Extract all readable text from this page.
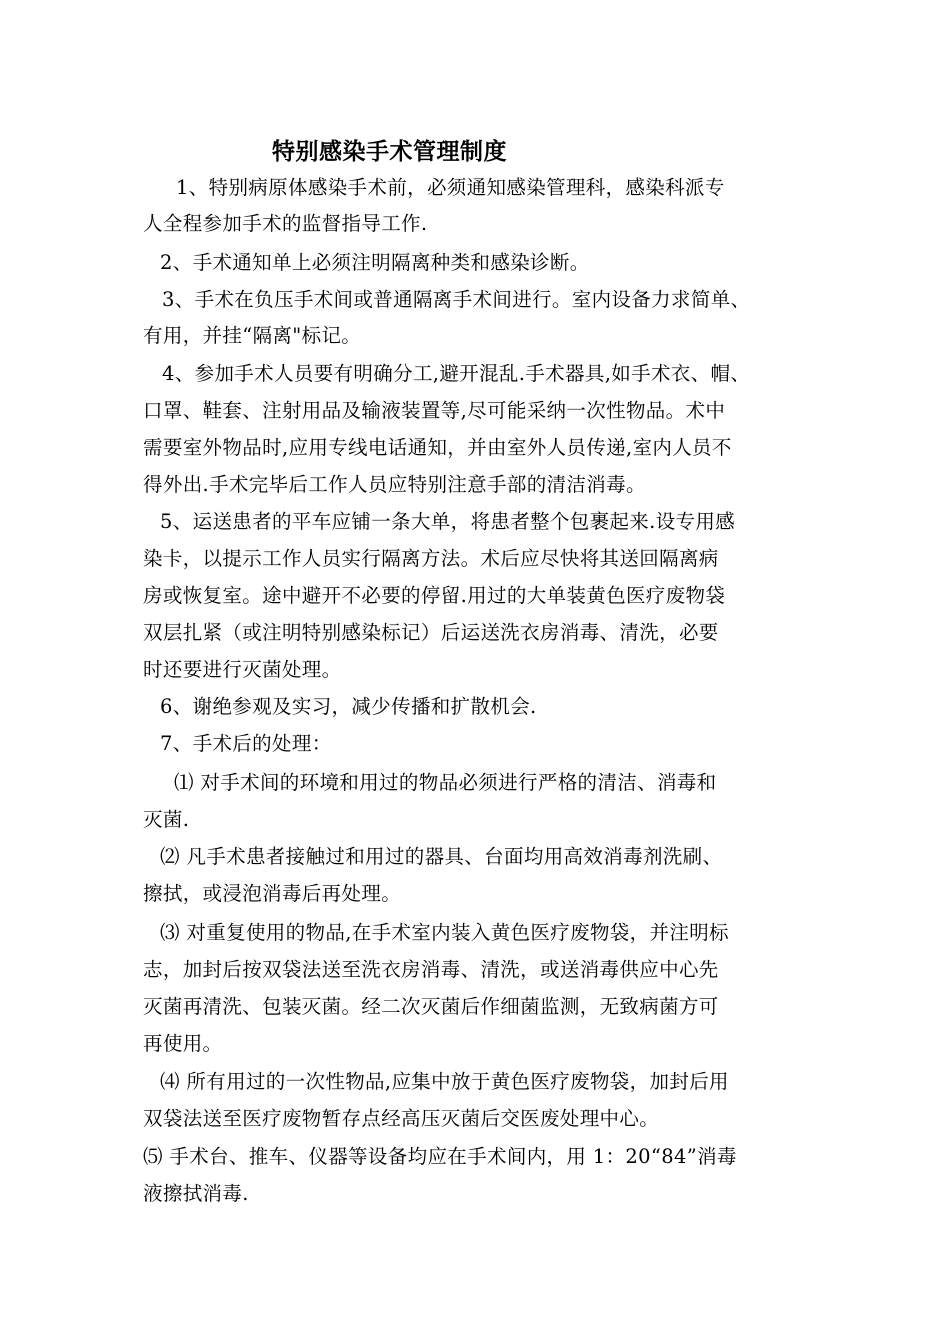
特别感染手术管理制度
1、特别病原体感染手术前，必须通知感染管理科，感染科派专
人全程参加手术的监督指导工作.
2、手术通知单上必须注明隔离种类和感染诊断。
3、手术在负压手术间或普通隔离手术间进行。室内设备力求简单、
有用，并挂“隔离"标记。
4、参加手术人员要有明确分工,避开混乱.手术器具,如手术衣、帽、
口罩、鞋套、注射用品及输液装置等,尽可能采纳一次性物品。术中
需要室外物品时,应用专线电话通知，并由室外人员传递,室内人员不
得外出.手术完毕后工作人员应特别注意手部的清洁消毒。
5、运送患者的平车应铺一条大单，将患者整个包裹起来.设专用感
染卡，以提示工作人员实行隔离方法。术后应尽快将其送回隔离病
房或恢复室。途中避开不必要的停留.用过的大单装黄色医疗废物袋
双层扎紧（或注明特别感染标记）后运送洗衣房消毒、清洗，必要
时还要进行灭菌处理。
6、谢绝参观及实习，减少传播和扩散机会.
7、手术后的处理：
⑴ 对手术间的环境和用过的物品必须进行严格的清洁、消毒和
灭菌.
⑵ 凡手术患者接触过和用过的器具、台面均用高效消毒剂洗刷、
擦拭，或浸泡消毒后再处理。
⑶ 对重复使用的物品,在手术室内装入黄色医疗废物袋，并注明标
志，加封后按双袋法送至洗衣房消毒、清洗，或送消毒供应中心先
灭菌再清洗、包装灭菌。经二次灭菌后作细菌监测，无致病菌方可
再使用。
⑷ 所有用过的一次性物品,应集中放于黄色医疗废物袋，加封后用
双袋法送至医疗废物暂存点经高压灭菌后交医废处理中心。
⑸ 手术台、推车、仪器等设备均应在手术间内，用 1：20“84”消毒
液擦拭消毒.
